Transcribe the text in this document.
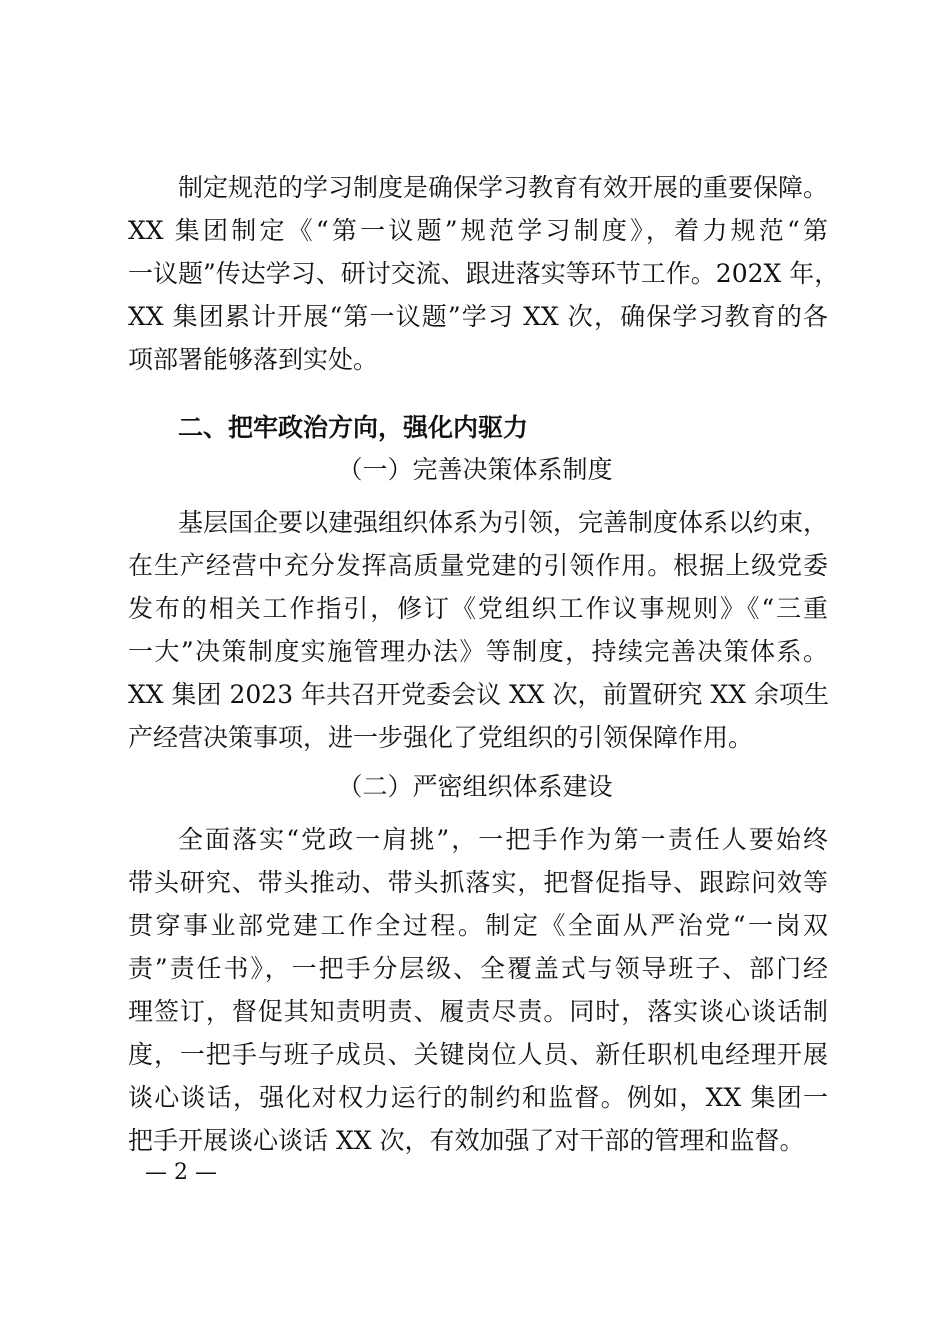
制定规范的学习制度是确保学习教育有效开展的重要保障。
XX 集团制定《“第一议题”规范学习制度》，着力规范“第
一议题”传达学习、研讨交流、跟进落实等环节工作。202X 年，
XX 集团累计开展“第一议题”学习 XX 次，确保学习教育的各
项部署能够落到实处。
二、把牢政治方向，强化内驱力
（一）完善决策体系制度
基层国企要以建强组织体系为引领，完善制度体系以约束，
在生产经营中充分发挥高质量党建的引领作用。根据上级党委
发布的相关工作指引，修订《党组织工作议事规则》《“三重
一大”决策制度实施管理办法》等制度，持续完善决策体系。
XX 集团 2023 年共召开党委会议 XX 次，前置研究 XX 余项生
产经营决策事项，进一步强化了党组织的引领保障作用。
（二）严密组织体系建设
全面落实“党政一肩挑”，一把手作为第一责任人要始终
带头研究、带头推动、带头抓落实，把督促指导、跟踪问效等
贯穿事业部党建工作全过程。制定《全面从严治党“一岗双
责”责任书》，一把手分层级、全覆盖式与领导班子、部门经
理签订，督促其知责明责、履责尽责。同时，落实谈心谈话制
度，一把手与班子成员、关键岗位人员、新任职机电经理开展
谈心谈话，强化对权力运行的制约和监督。例如，XX 集团一
把手开展谈心谈话 XX 次，有效加强了对干部的管理和监督。
— 2 —
